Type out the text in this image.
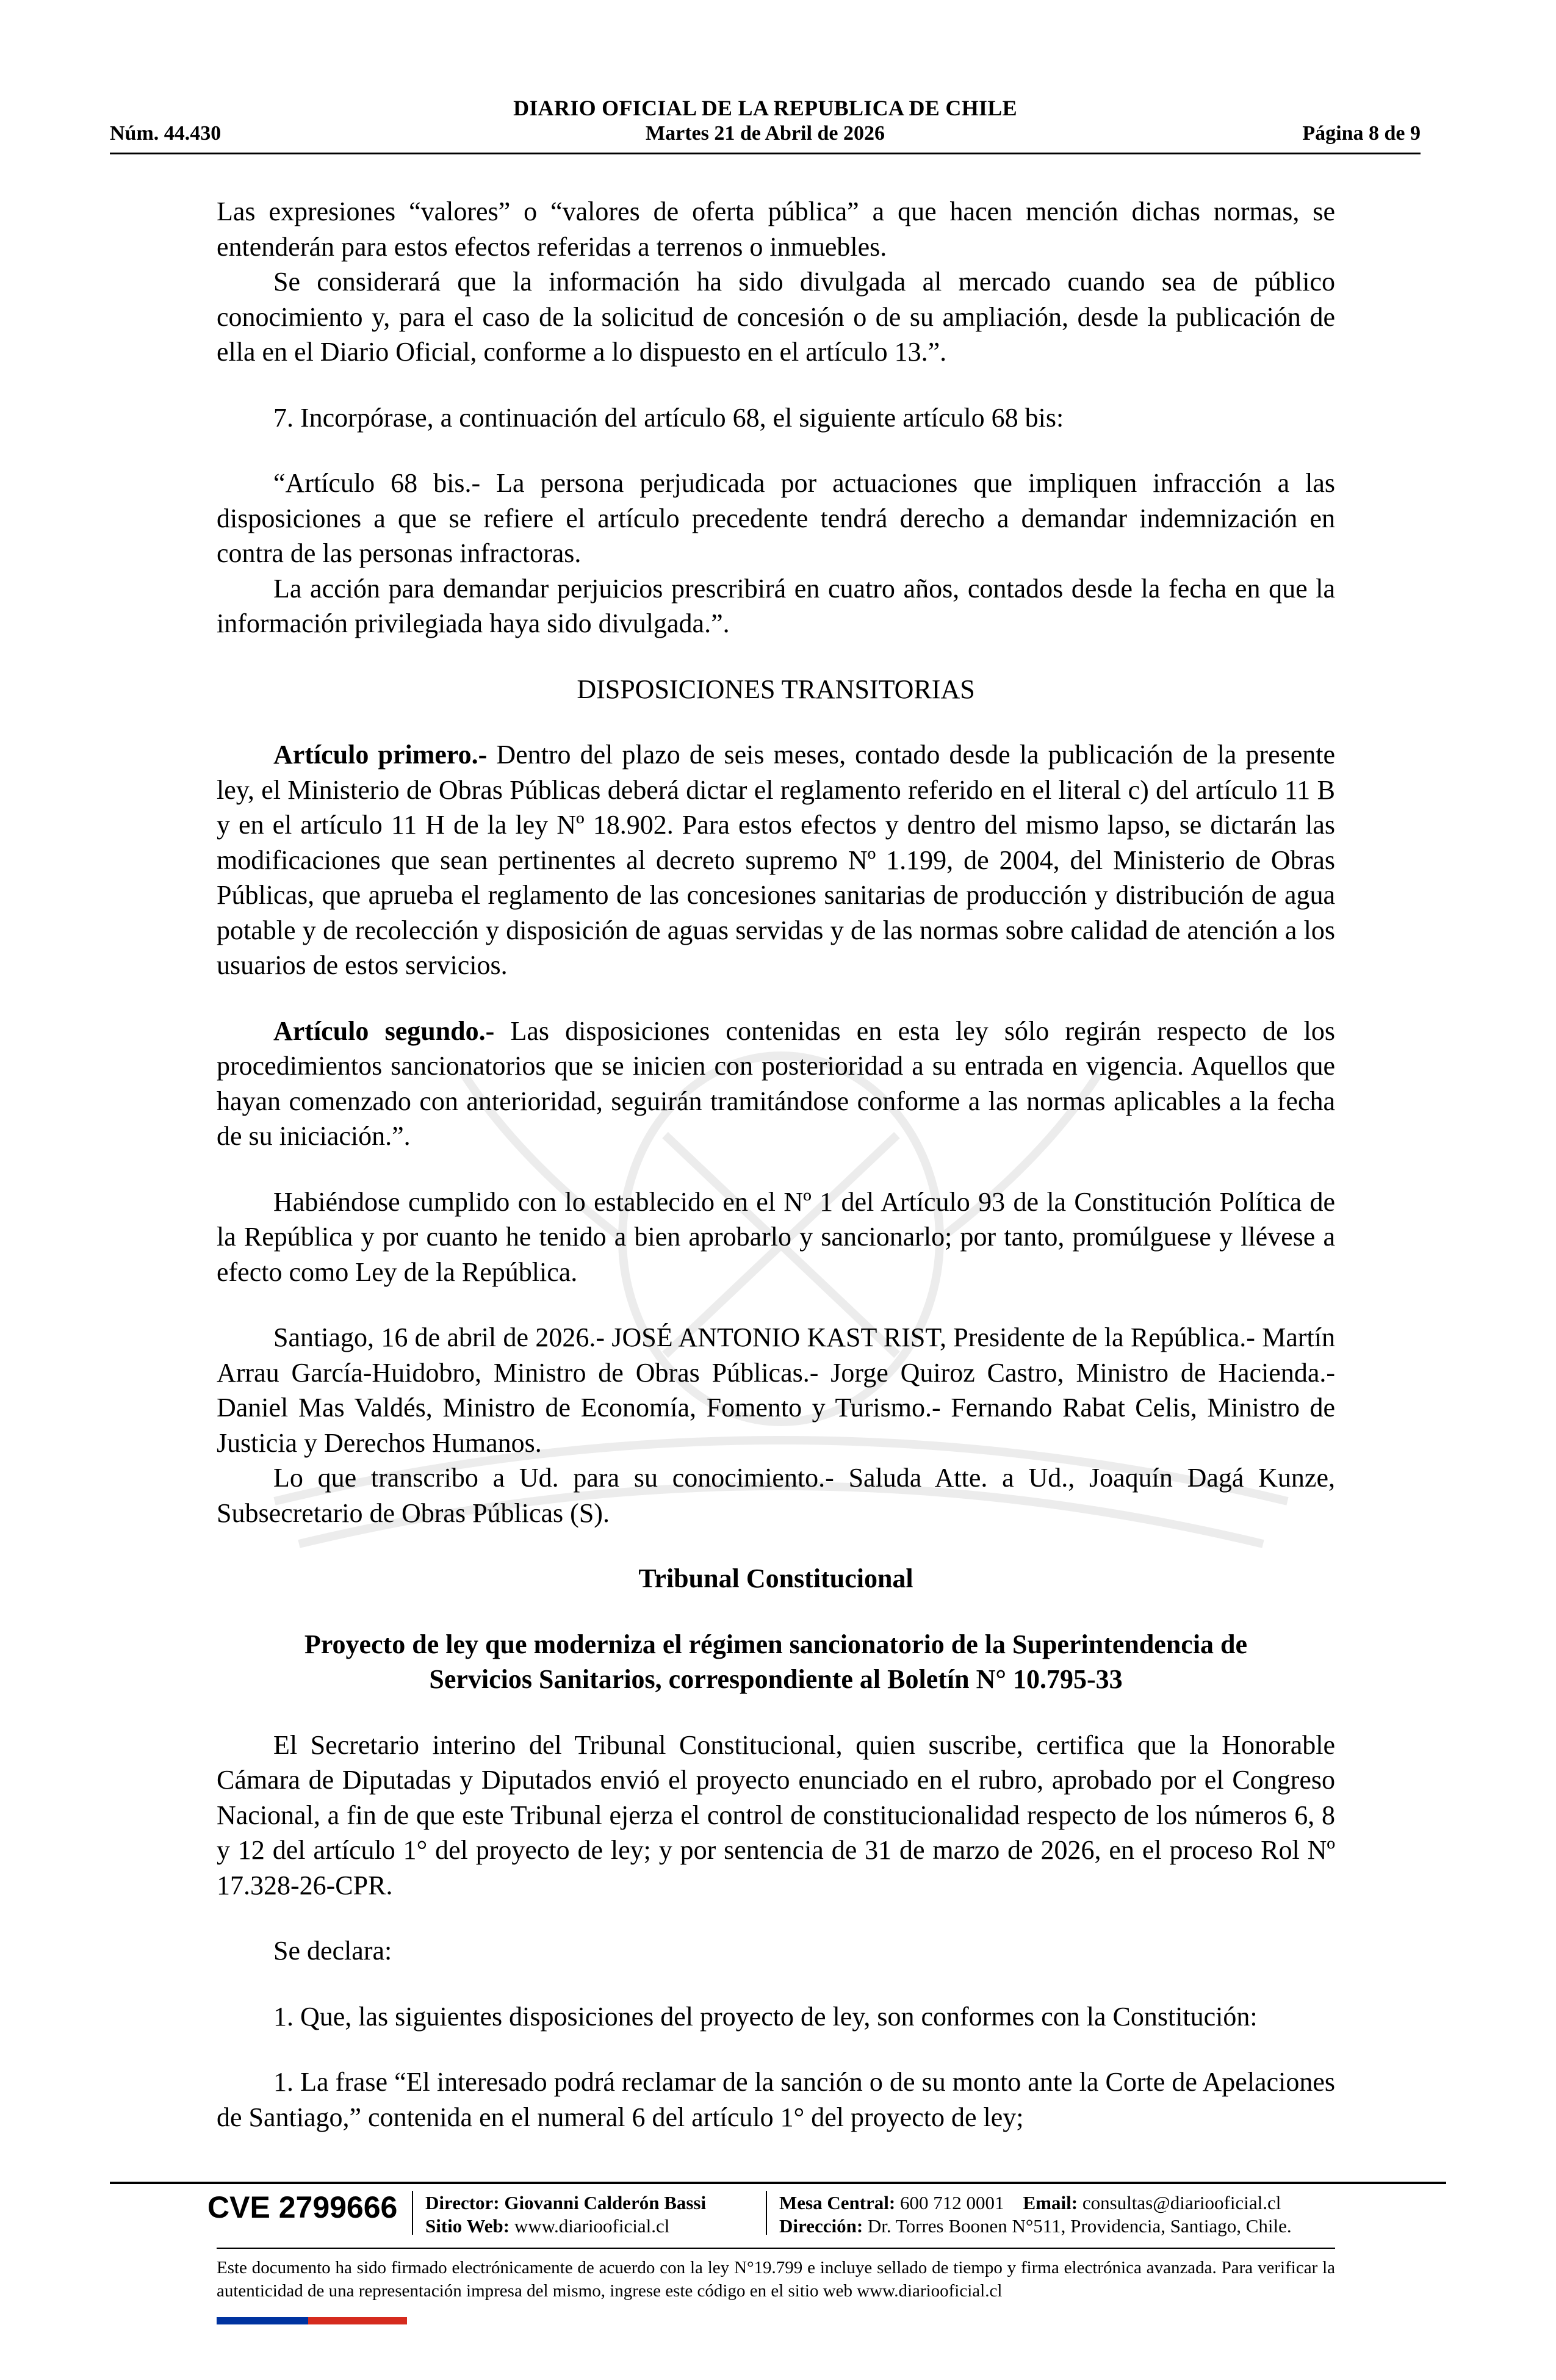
DIARIO OFICIAL DE LA REPUBLICA DE CHILE
Núm. 44.430	Martes 21 de Abril de 2026	Página 8 de 9

Las expresiones “valores” o “valores de oferta pública” a que hacen mención dichas normas, se entenderán para estos efectos referidas a terrenos o inmuebles.

Se considerará que la información ha sido divulgada al mercado cuando sea de público conocimiento y, para el caso de la solicitud de concesión o de su ampliación, desde la publicación de ella en el Diario Oficial, conforme a lo dispuesto en el artículo 13.”.

7. Incorpórase, a continuación del artículo 68, el siguiente artículo 68 bis:

“Artículo 68 bis.- La persona perjudicada por actuaciones que impliquen infracción a las disposiciones a que se refiere el artículo precedente tendrá derecho a demandar indemnización en contra de las personas infractoras.

La acción para demandar perjuicios prescribirá en cuatro años, contados desde la fecha en que la información privilegiada haya sido divulgada.”.

DISPOSICIONES TRANSITORIAS

Artículo primero.- Dentro del plazo de seis meses, contado desde la publicación de la presente ley, el Ministerio de Obras Públicas deberá dictar el reglamento referido en el literal c) del artículo 11 B y en el artículo 11 H de la ley Nº 18.902. Para estos efectos y dentro del mismo lapso, se dictarán las modificaciones que sean pertinentes al decreto supremo Nº 1.199, de 2004, del Ministerio de Obras Públicas, que aprueba el reglamento de las concesiones sanitarias de producción y distribución de agua potable y de recolección y disposición de aguas servidas y de las normas sobre calidad de atención a los usuarios de estos servicios.

Artículo segundo.- Las disposiciones contenidas en esta ley sólo regirán respecto de los procedimientos sancionatorios que se inicien con posterioridad a su entrada en vigencia. Aquellos que hayan comenzado con anterioridad, seguirán tramitándose conforme a las normas aplicables a la fecha de su iniciación.”.

Habiéndose cumplido con lo establecido en el Nº 1 del Artículo 93 de la Constitución Política de la República y por cuanto he tenido a bien aprobarlo y sancionarlo; por tanto, promúlguese y llévese a efecto como Ley de la República.

Santiago, 16 de abril de 2026.- JOSÉ ANTONIO KAST RIST, Presidente de la República.- Martín Arrau García-Huidobro, Ministro de Obras Públicas.- Jorge Quiroz Castro, Ministro de Hacienda.- Daniel Mas Valdés, Ministro de Economía, Fomento y Turismo.- Fernando Rabat Celis, Ministro de Justicia y Derechos Humanos.

Lo que transcribo a Ud. para su conocimiento.- Saluda Atte. a Ud., Joaquín Dagá Kunze, Subsecretario de Obras Públicas (S).

Tribunal Constitucional

Proyecto de ley que moderniza el régimen sancionatorio de la Superintendencia de Servicios Sanitarios, correspondiente al Boletín N° 10.795-33

El Secretario interino del Tribunal Constitucional, quien suscribe, certifica que la Honorable Cámara de Diputadas y Diputados envió el proyecto enunciado en el rubro, aprobado por el Congreso Nacional, a fin de que este Tribunal ejerza el control de constitucionalidad respecto de los números 6, 8 y 12 del artículo 1° del proyecto de ley; y por sentencia de 31 de marzo de 2026, en el proceso Rol Nº 17.328-26-CPR.

Se declara:

1. Que, las siguientes disposiciones del proyecto de ley, son conformes con la Constitución:

1. La frase “El interesado podrá reclamar de la sanción o de su monto ante la Corte de Apelaciones de Santiago,” contenida en el numeral 6 del artículo 1° del proyecto de ley;

CVE 2799666 Director: Giovanni Calderón Bassi
Sitio Web: www.diariooficial.cl
Mesa Central: 600 712 0001 Email: consultas@diariooficial.cl
Dirección: Dr. Torres Boonen N°511, Providencia, Santiago, Chile.
Este documento ha sido firmado electrónicamente de acuerdo con la ley N°19.799 e incluye sellado de tiempo y firma electrónica avanzada. Para verificar la autenticidad de una representación impresa del mismo, ingrese este código en el sitio web www.diariooficial.cl
